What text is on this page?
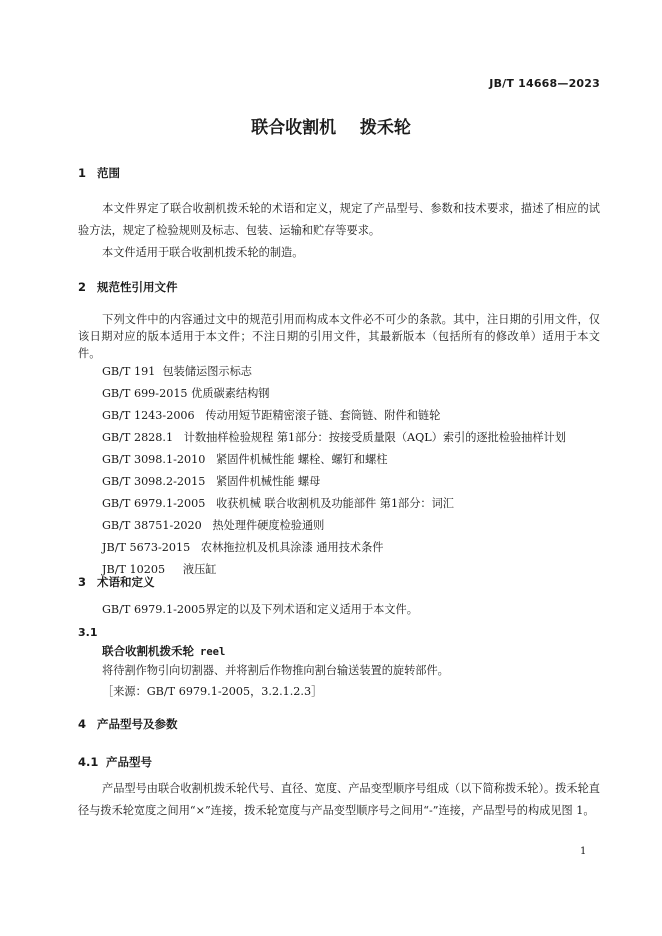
JB/T 14668—2023
联合收割机    拨禾轮
1 范围
本文件界定了联合收割机拨禾轮的术语和定义，规定了产品型号、参数和技术要求，描述了相应的试验方法，规定了检验规则及标志、包装、运输和贮存等要求。
本文件适用于联合收割机拨禾轮的制造。
2 规范性引用文件
下列文件中的内容通过文中的规范引用而构成本文件必不可少的条款。其中，注日期的引用文件，仅该日期对应的版本适用于本文件；不注日期的引用文件，其最新版本（包括所有的修改单）适用于本文件。
GB/T 191 包装储运图示标志
GB/T 699-2015 优质碳素结构钢
GB/T 1243-2006 传动用短节距精密滚子链、套筒链、附件和链轮
GB/T 2828.1 计数抽样检验规程 第1部分：按接受质量限（AQL）索引的逐批检验抽样计划
GB/T 3098.1-2010 紧固件机械性能 螺栓、螺钉和螺柱
GB/T 3098.2-2015 紧固件机械性能 螺母
GB/T 6979.1-2005 收获机械 联合收割机及功能部件 第1部分：词汇
GB/T 38751-2020 热处理件硬度检验通则
JB/T 5673-2015 农林拖拉机及机具涂漆 通用技术条件
JB/T 10205 液压缸
3 术语和定义
GB/T 6979.1-2005界定的以及下列术语和定义适用于本文件。
3.1
联合收割机拨禾轮 reel
将待割作物引向切割器、并将割后作物推向割台输送装置的旋转部件。
［来源：GB/T 6979.1-2005，3.2.1.2.3］
4 产品型号及参数
4.1 产品型号
产品型号由联合收割机拨禾轮代号、直径、宽度、产品变型顺序号组成（以下简称拨禾轮）。拨禾轮直径与拨禾轮宽度之间用“×”连接，拨禾轮宽度与产品变型顺序号之间用“-”连接，产品型号的构成见图 1。
1
